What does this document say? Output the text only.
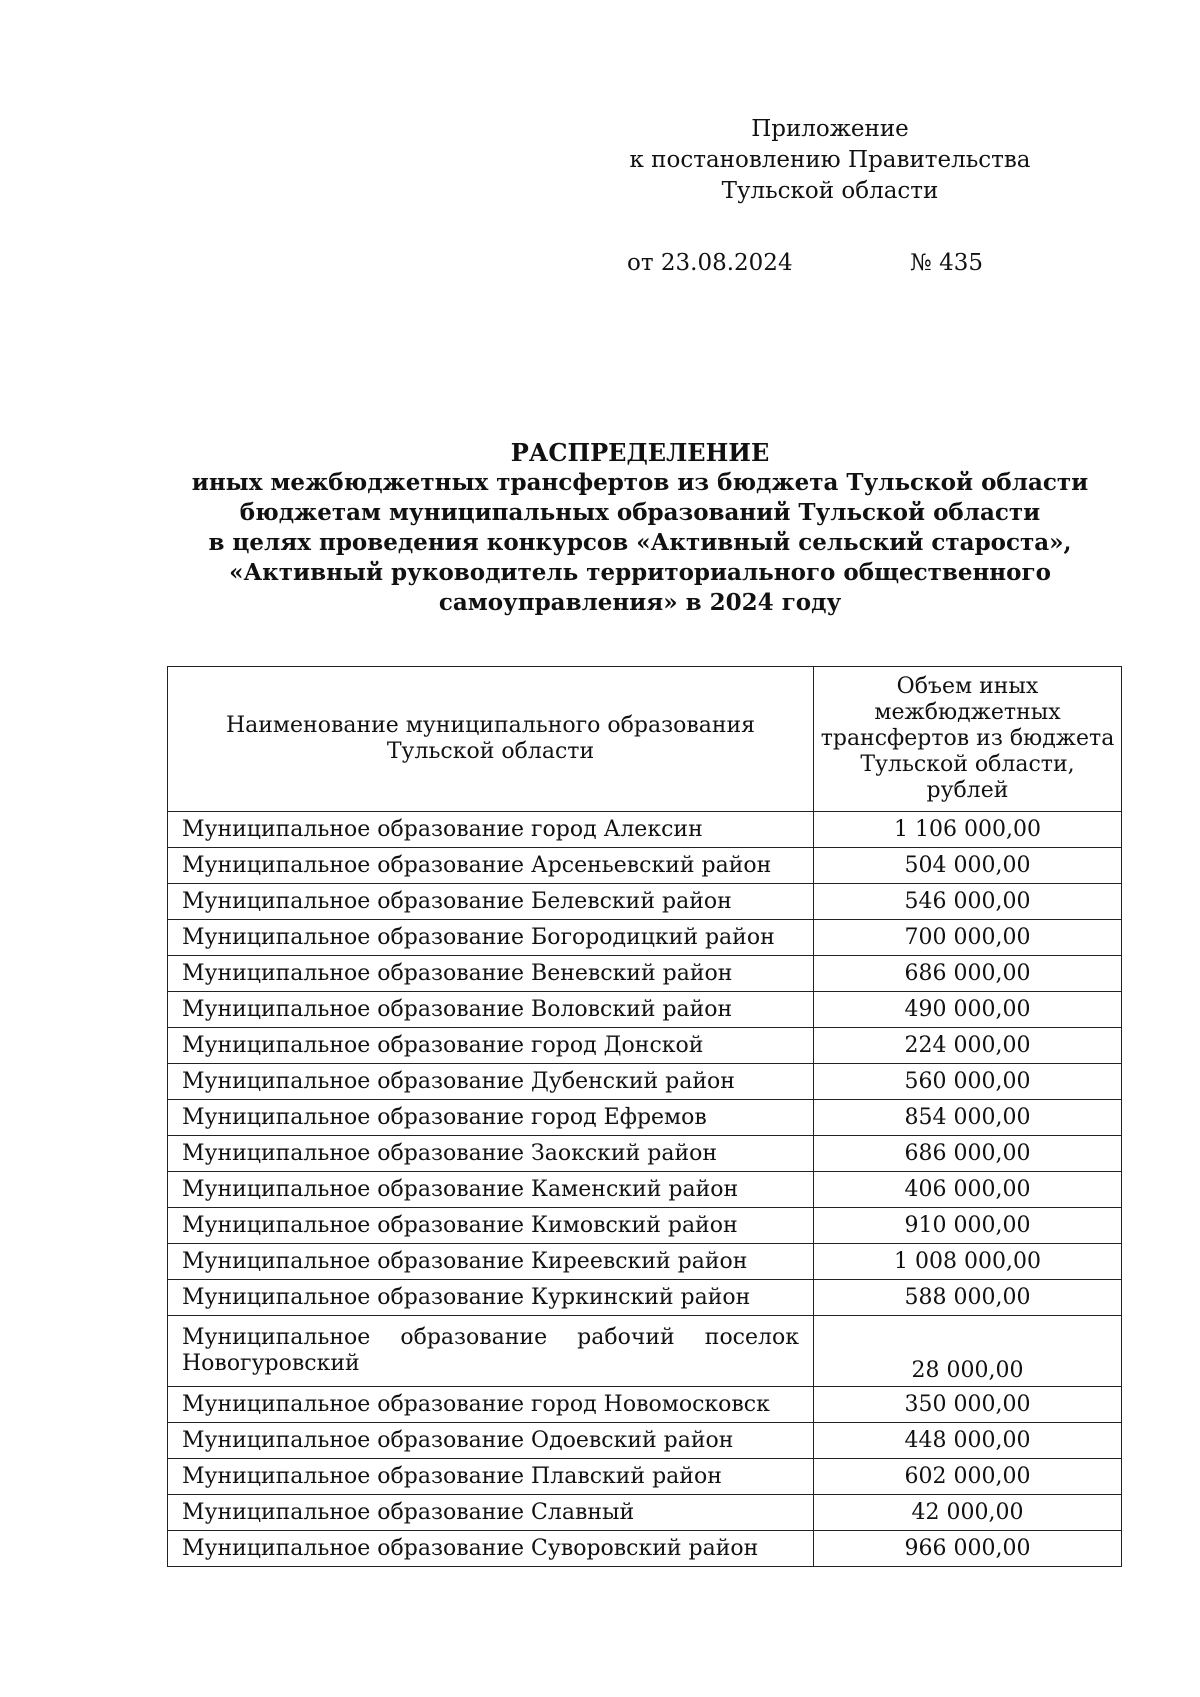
Приложение
к постановлению Правительства
Тульской области
от 23.08.2024	№ 435
РАСПРЕДЕЛЕНИЕ
иных межбюджетных трансфертов из бюджета Тульской области
бюджетам муниципальных образований Тульской области
в целях проведения конкурсов «Активный сельский староста»,
«Активный руководитель территориального общественного
самоуправления» в 2024 году
Наименование муниципального образования Тульской области	Объем иных межбюджетных трансфертов из бюджета Тульской области, рублей
Муниципальное образование город Алексин	1 106 000,00
Муниципальное образование Арсеньевский район	504 000,00
Муниципальное образование Белевский район	546 000,00
Муниципальное образование Богородицкий район	700 000,00
Муниципальное образование Веневский район	686 000,00
Муниципальное образование Воловский район	490 000,00
Муниципальное образование город Донской	224 000,00
Муниципальное образование Дубенский район	560 000,00
Муниципальное образование город Ефремов	854 000,00
Муниципальное образование Заокский район	686 000,00
Муниципальное образование Каменский район	406 000,00
Муниципальное образование Кимовский район	910 000,00
Муниципальное образование Киреевский район	1 008 000,00
Муниципальное образование Куркинский район	588 000,00
Муниципальное образование рабочий поселок Новогуровский	28 000,00
Муниципальное образование город Новомосковск	350 000,00
Муниципальное образование Одоевский район	448 000,00
Муниципальное образование Плавский район	602 000,00
Муниципальное образование Славный	42 000,00
Муниципальное образование Суворовский район	966 000,00
